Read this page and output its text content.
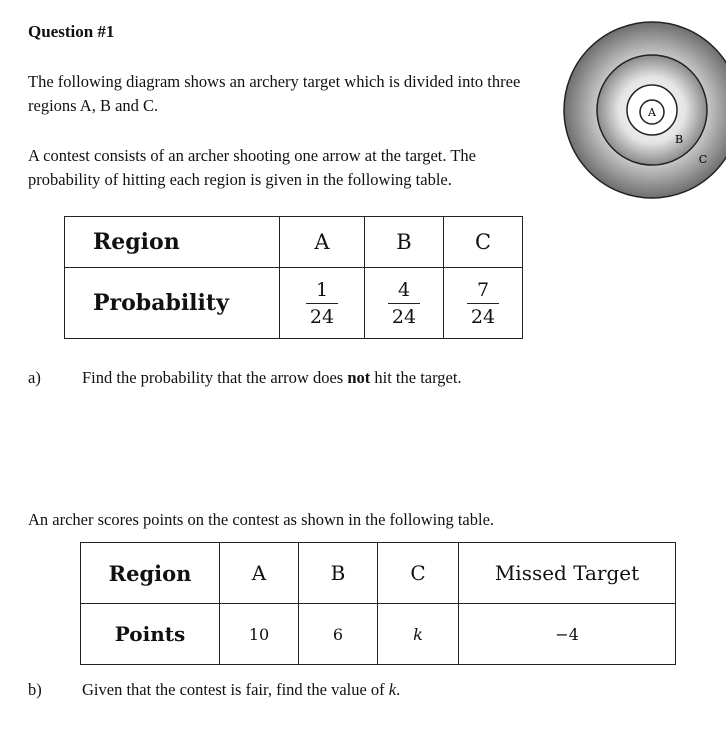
Question #1
The following diagram shows an archery target which is divided into three regions A, B and C.
A contest consists of an archer shooting one arrow at the target. The probability of hitting each region is given in the following table.
A
B
C
Region	A	B	C
Probability	$\frac{1}{24}$	$\frac{4}{24}$	$\frac{7}{24}$
a) Find the probability that the arrow does not hit the target.
An archer scores points on the contest as shown in the following table.
Region	A	B	C	Missed Target
Points	10	6	k	−4
b) Given that the contest is fair, find the value of k.
